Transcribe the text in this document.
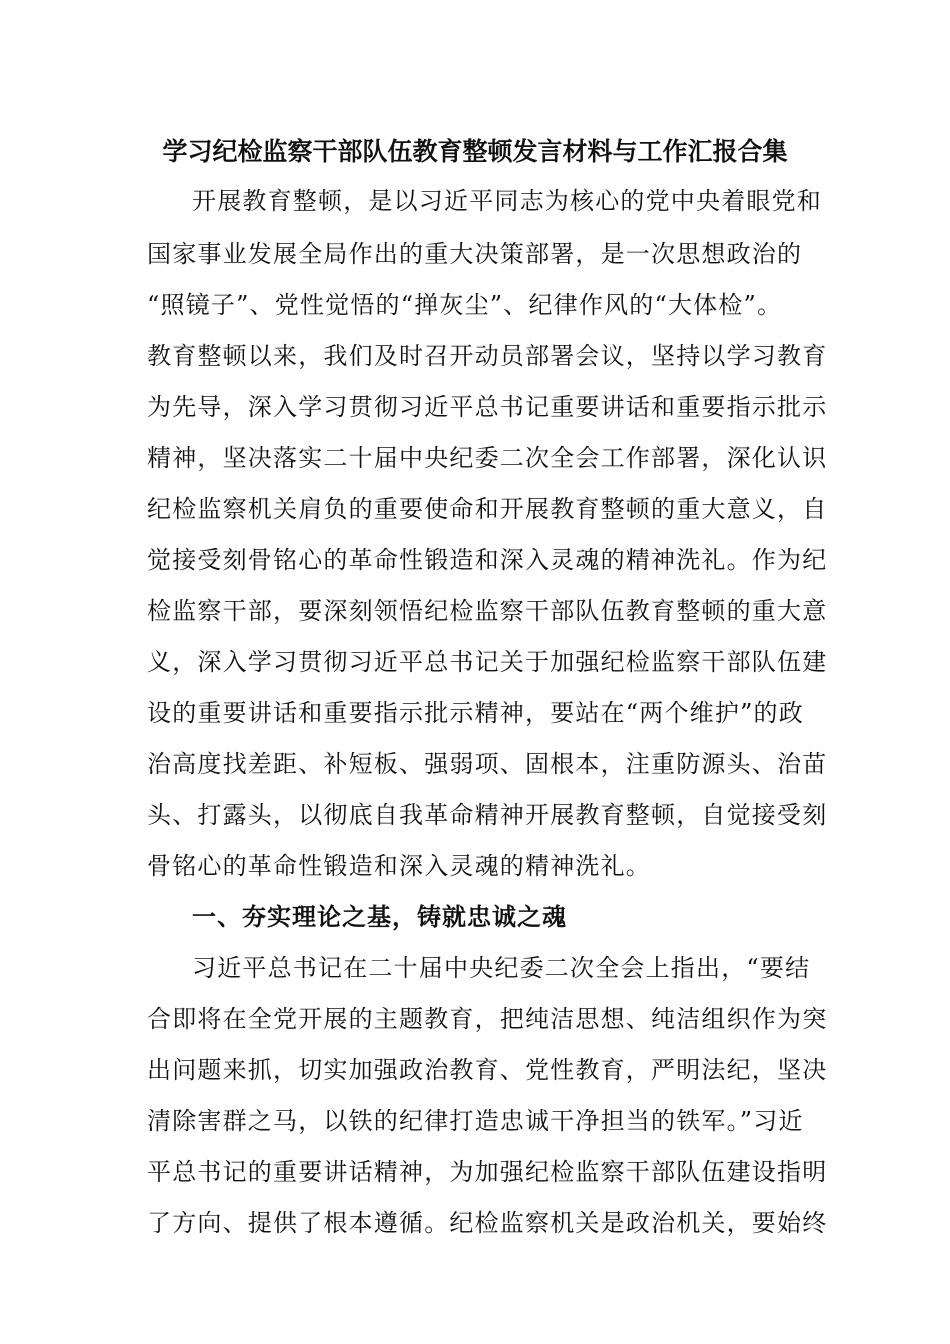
学习纪检监察干部队伍教育整顿发言材料与工作汇报合集
开展教育整顿，是以习近平同志为核心的党中央着眼党和
国家事业发展全局作出的重大决策部署，是一次思想政治的
“照镜子”、党性觉悟的“掸灰尘”、纪律作风的“大体检”。
教育整顿以来，我们及时召开动员部署会议，坚持以学习教育
为先导，深入学习贯彻习近平总书记重要讲话和重要指示批示
精神，坚决落实二十届中央纪委二次全会工作部署，深化认识
纪检监察机关肩负的重要使命和开展教育整顿的重大意义，自
觉接受刻骨铭心的革命性锻造和深入灵魂的精神洗礼。作为纪
检监察干部，要深刻领悟纪检监察干部队伍教育整顿的重大意
义，深入学习贯彻习近平总书记关于加强纪检监察干部队伍建
设的重要讲话和重要指示批示精神，要站在“两个维护”的政
治高度找差距、补短板、强弱项、固根本，注重防源头、治苗
头、打露头，以彻底自我革命精神开展教育整顿，自觉接受刻
骨铭心的革命性锻造和深入灵魂的精神洗礼。
一、夯实理论之基，铸就忠诚之魂
习近平总书记在二十届中央纪委二次全会上指出，“要结
合即将在全党开展的主题教育，把纯洁思想、纯洁组织作为突
出问题来抓，切实加强政治教育、党性教育，严明法纪，坚决
清除害群之马，以铁的纪律打造忠诚干净担当的铁军。”习近
平总书记的重要讲话精神，为加强纪检监察干部队伍建设指明
了方向、提供了根本遵循。纪检监察机关是政治机关，要始终
